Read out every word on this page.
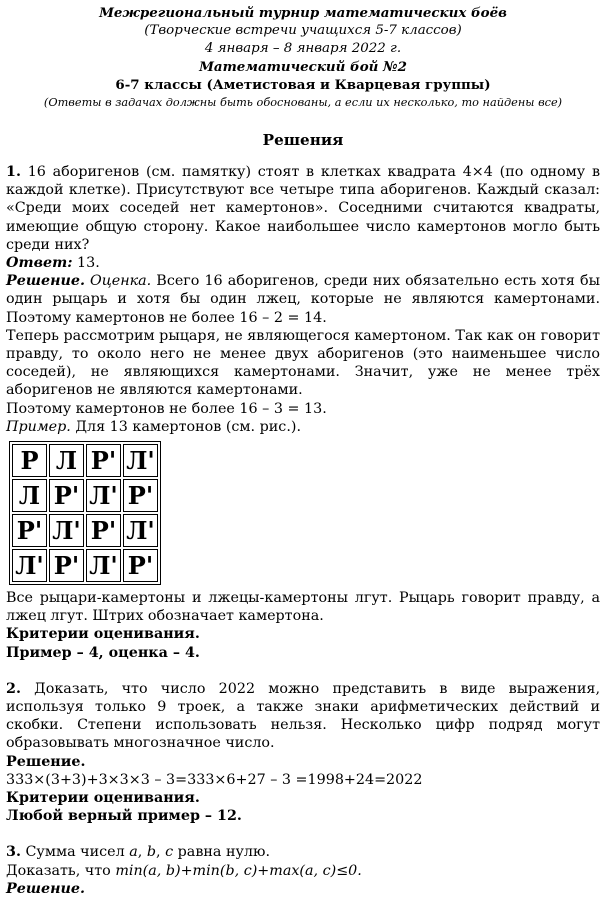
Межрегиональный турнир математических боёв
(Творческие встречи учащихся 5-7 классов)
4 января – 8 января 2022 г.
Математический бой №2
6-7 классы (Аметистовая и Кварцевая группы)
(Ответы в задачах должны быть обоснованы, а если их несколько, то найдены все)
Решения

1. 16 аборигенов (см. памятку) стоят в клетках квадрата 4×4 (по одному в каждой клетке). Присутствуют все четыре типа аборигенов. Каждый сказал: «Среди моих соседей нет камертонов». Соседними считаются квадраты, имеющие общую сторону. Какое наибольшее число камертонов могло быть среди них?

Ответ: 13.

Решение. Оценка. Всего 16 аборигенов, среди них обязательно есть хотя бы один рыцарь и хотя бы один лжец, которые не являются камертонами. Поэтому камертонов не более 16 – 2 = 14.

Теперь рассмотрим рыцаря, не являющегося камертоном. Так как он говорит правду, то около него не менее двух аборигенов (это наименьшее число соседей), не являющихся камертонами. Значит, уже не менее трёх аборигенов не являются камертонами.

Поэтому камертонов не более 16 – 3 = 13.

Пример. Для 13 камертонов (см. рис.).

Р	Л	Р'	Л'
Л	Р'	Л'	Р'
Р'	Л'	Р'	Л'
Л'	Р'	Л'	Р'

Все рыцари-камертоны и лжецы-камертоны лгут. Рыцарь говорит правду, а лжец лгут. Штрих обозначает камертона.

Критерии оценивания.

Пример – 4, оценка – 4.

2. Доказать, что число 2022 можно представить в виде выражения, используя только 9 троек, а также знаки арифметических действий и скобки. Степени использовать нельзя. Несколько цифр подряд могут образовывать многозначное число.

Решение.

333×(3+3)+3×3×3 – 3=333×6+27 – 3 =1998+24=2022

Критерии оценивания.

Любой верный пример – 12.

3. Сумма чисел a, b, c равна нулю.

Доказать, что min(a, b)+min(b, c)+max(a, c)≤0.

Решение.
